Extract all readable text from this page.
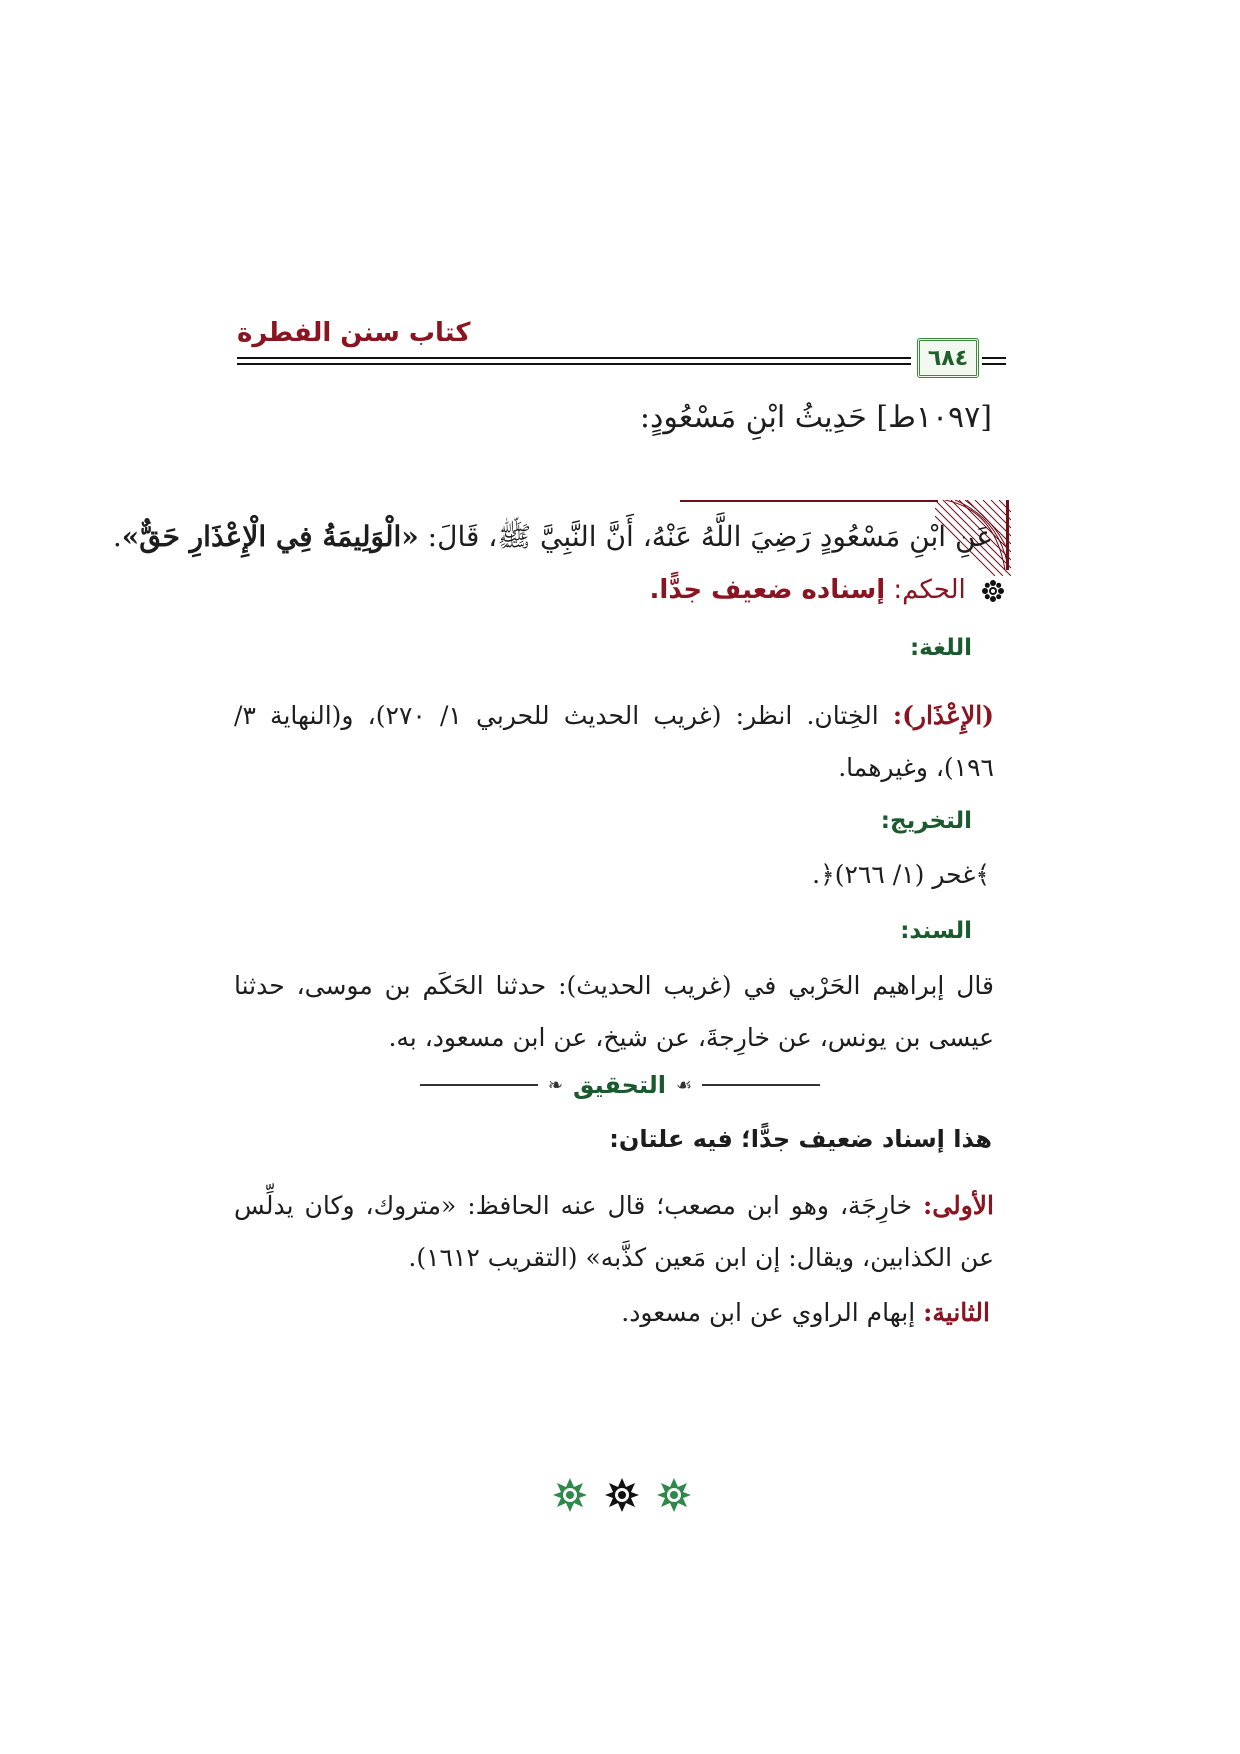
كتاب سنن الفطرة
٦٨٤
[١٠٩٧ط] حَدِيثُ ابْنِ مَسْعُودٍ:
عَنِ ابْنِ مَسْعُودٍ رَضِيَ اللَّهُ عَنْهُ، أَنَّ النَّبِيَّ ﷺ، قَالَ: «الْوَلِيمَةُ فِي الْإِعْذَارِ حَقٌّ».
الحكم: إسناده ضعيف جدًّا.
اللغة:
(الإِعْذَار): الخِتان. انظر: (غريب الحديث للحربي ١/ ٢٧٠)، و(النهاية ٣/ ١٩٦)، وغيرهما.
التخريج:
﴾غحر (١/ ٢٦٦)﴿.
السند:
قال إبراهيم الحَرْبي في (غريب الحديث): حدثنا الحَكَم بن موسى، حدثنا عيسى بن يونس، عن خارِجةَ، عن شيخ، عن ابن مسعود، به.
❧ التحقيق ☙
هذا إسناد ضعيف جدًّا؛ فيه علتان:
الأولى: خارِجَة، وهو ابن مصعب؛ قال عنه الحافظ: «متروك، وكان يدلِّس عن الكذابين، ويقال: إن ابن مَعين كذَّبه» (التقريب ١٦١٢).
الثانية: إبهام الراوي عن ابن مسعود.
